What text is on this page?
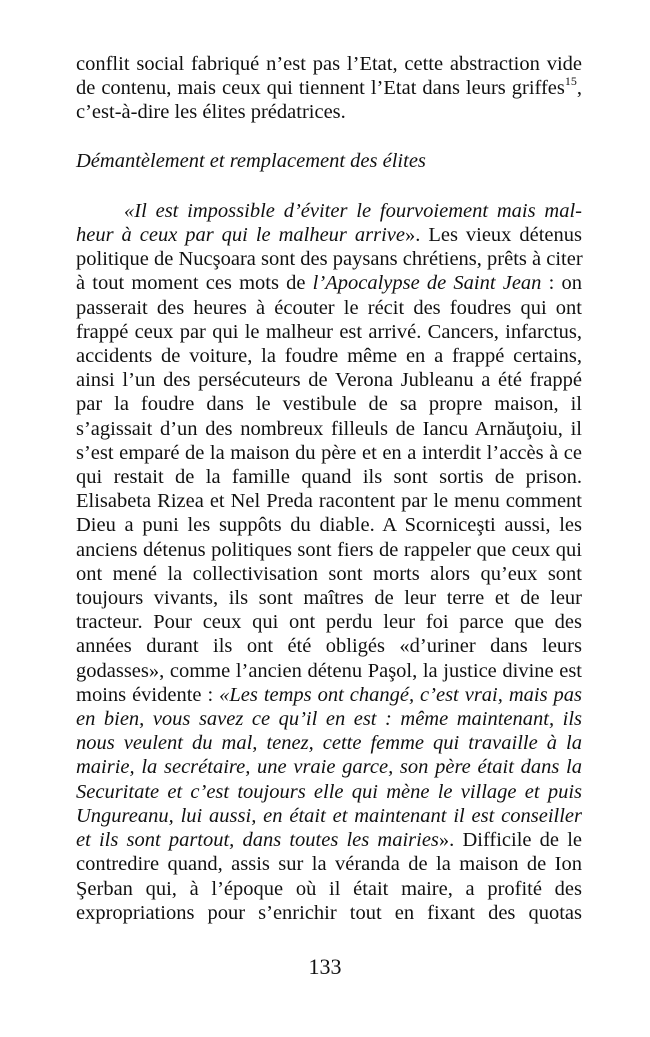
conflit social fabriqué n’est pas l’Etat, cette abstraction vide
de contenu, mais ceux qui tiennent l’Etat dans leurs griffes$^{15}$,
c’est-à-dire les élites prédatrices.

Démantèlement et remplacement des élites

«Il est impossible d’éviter le fourvoiement mais mal-
heur à ceux par qui le malheur arrive». Les vieux détenus
politique de Nucşoara sont des paysans chrétiens, prêts à citer
à tout moment ces mots de l’Apocalypse de Saint Jean : on
passerait des heures à écouter le récit des foudres qui ont
frappé ceux par qui le malheur est arrivé. Cancers, infarctus,
accidents de voiture, la foudre même en a frappé certains,
ainsi l’un des persécuteurs de Verona Jubleanu a été frappé
par la foudre dans le vestibule de sa propre maison, il
s’agissait d’un des nombreux filleuls de Iancu Arnăuţoiu, il
s’est emparé de la maison du père et en a interdit l’accès à ce
qui restait de la famille quand ils sont sortis de prison.
Elisabeta Rizea et Nel Preda racontent par le menu comment
Dieu a puni les suppôts du diable. A Scorniceşti aussi, les
anciens détenus politiques sont fiers de rappeler que ceux qui
ont mené la collectivisation sont morts alors qu’eux sont
toujours vivants, ils sont maîtres de leur terre et de leur
tracteur. Pour ceux qui ont perdu leur foi parce que des
années durant ils ont été obligés «d’uriner dans leurs
godasses», comme l’ancien détenu Paşol, la justice divine est
moins évidente : «Les temps ont changé, c’est vrai, mais pas
en bien, vous savez ce qu’il en est : même maintenant, ils
nous veulent du mal, tenez, cette femme qui travaille à la
mairie, la secrétaire, une vraie garce, son père était dans la
Securitate et c’est toujours elle qui mène le village et puis
Ungureanu, lui aussi, en était et maintenant il est conseiller
et ils sont partout, dans toutes les mairies». Difficile de le
contredire quand, assis sur la véranda de la maison de Ion
Şerban qui, à l’époque où il était maire, a profité des
expropriations pour s’enrichir tout en fixant des quotas

133
